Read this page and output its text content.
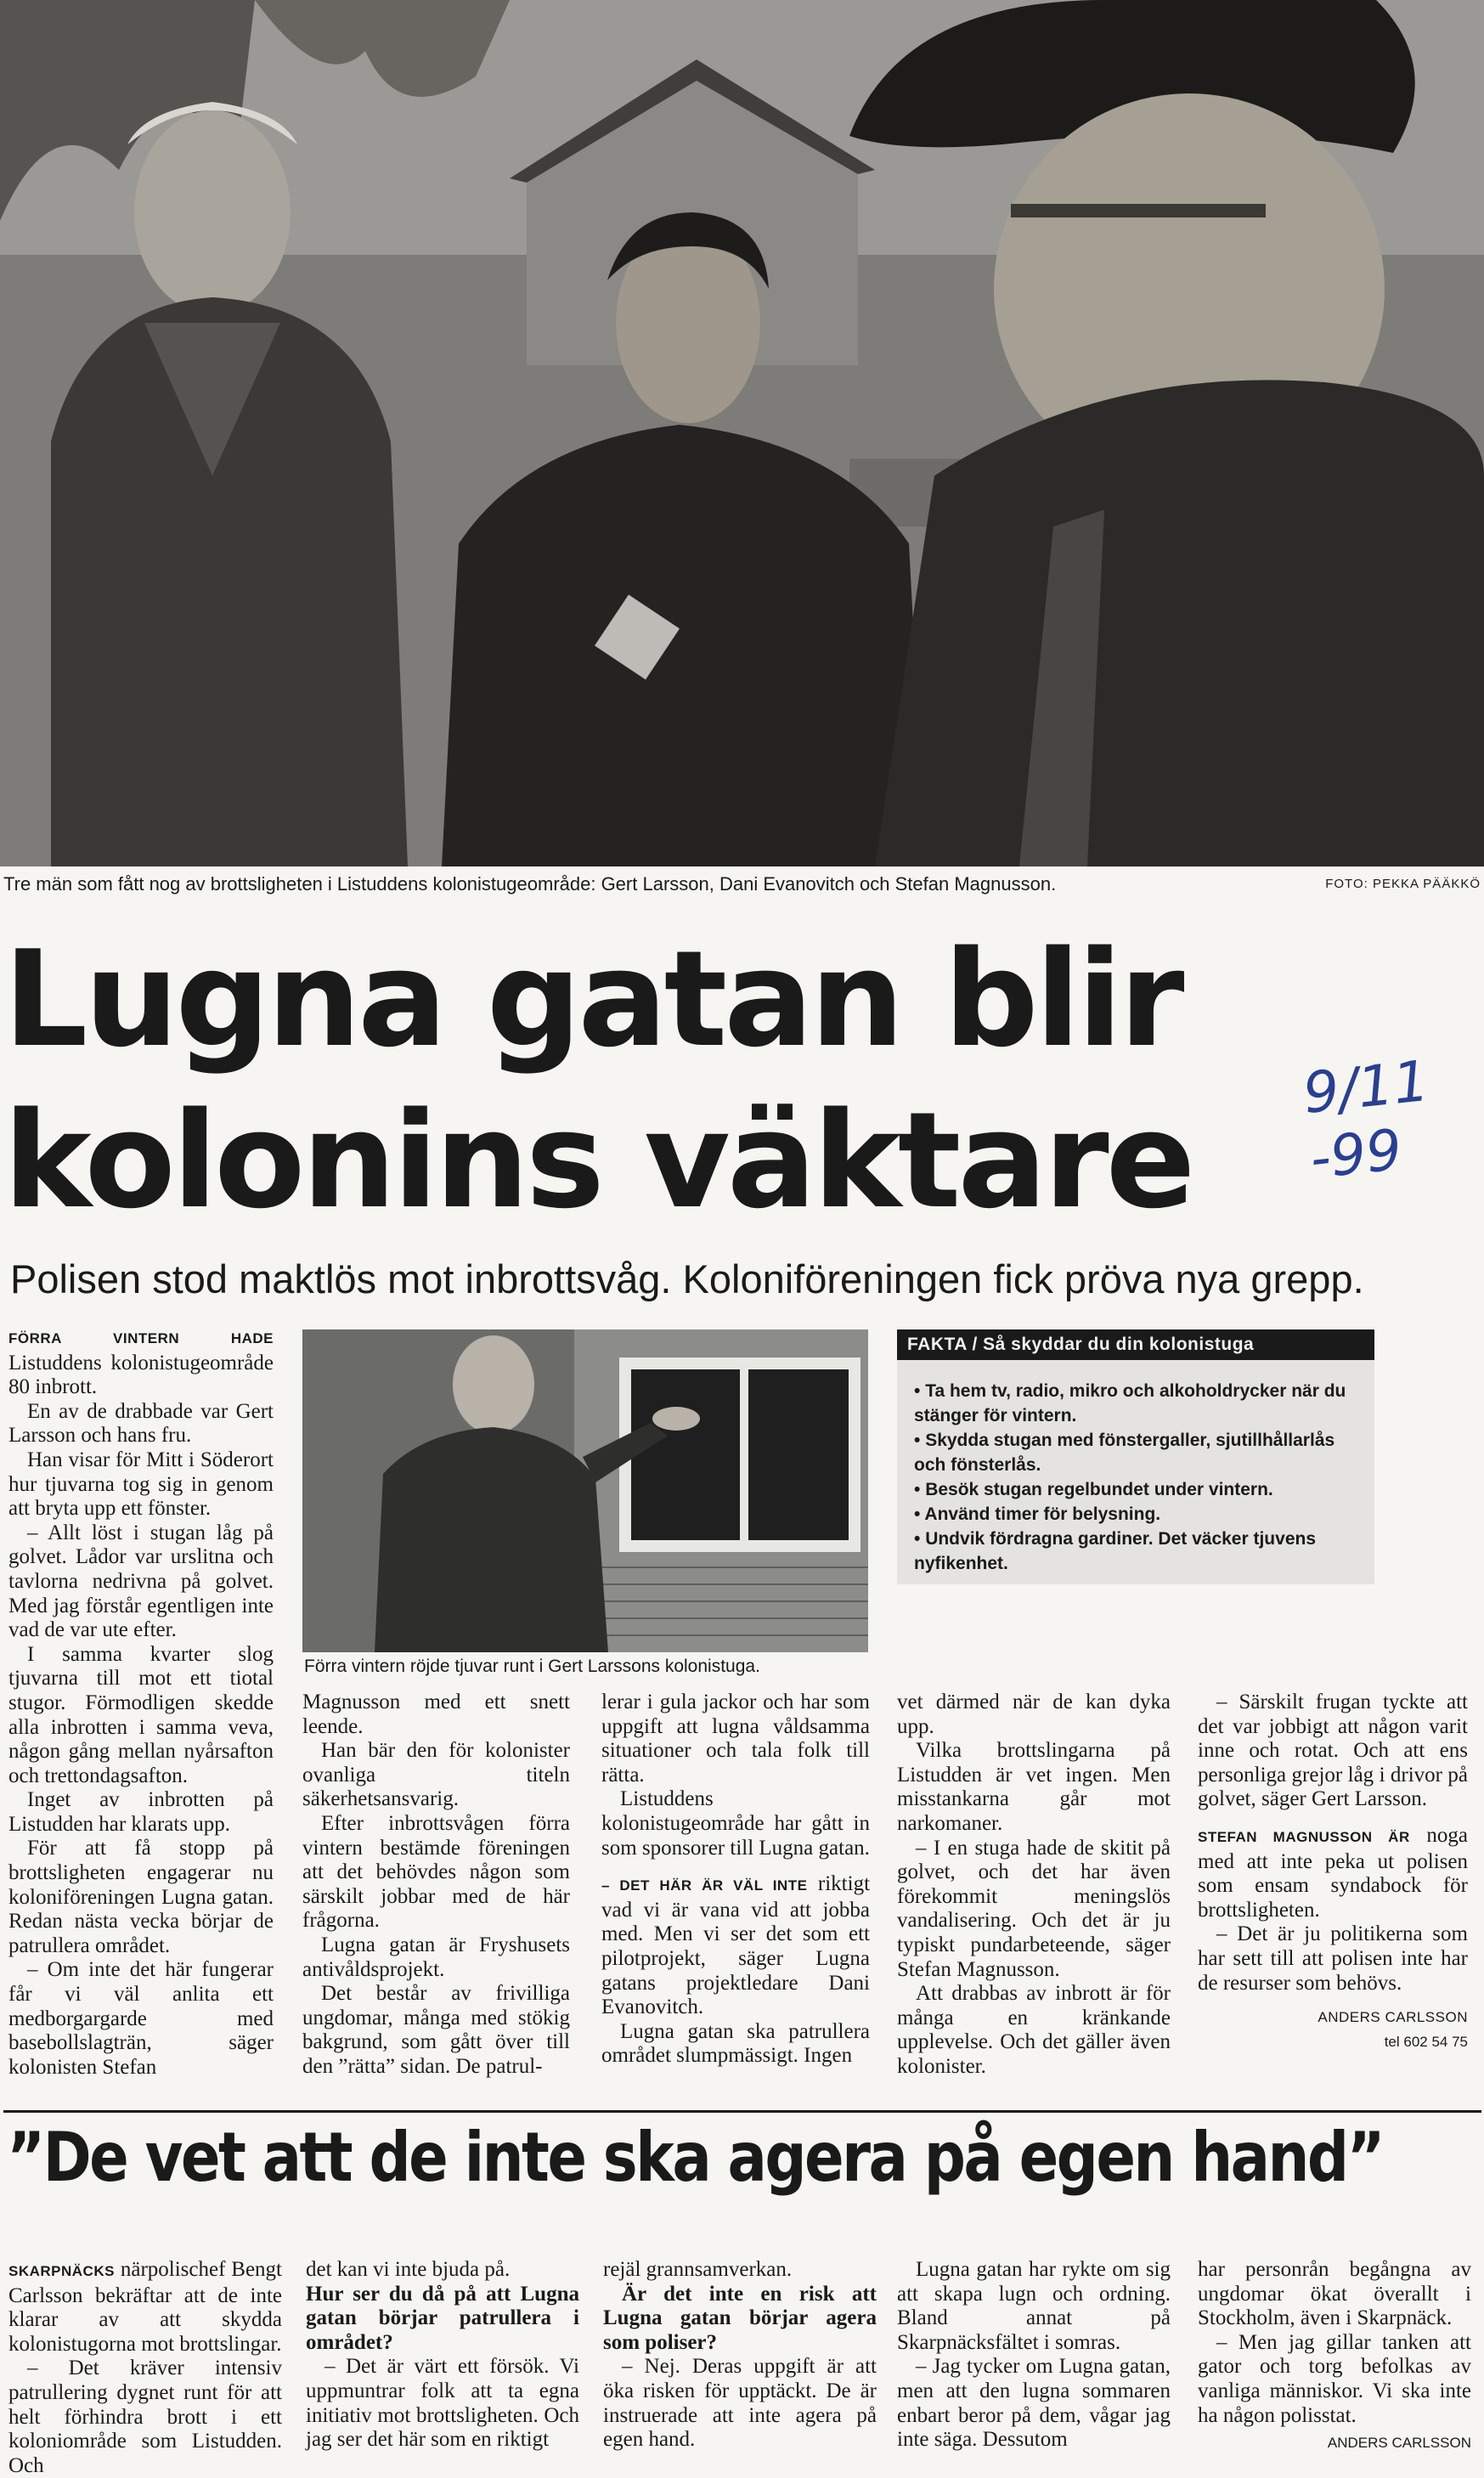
Tre män som fått nog av brottsligheten i Listuddens kolonistugeområde: Gert Larsson, Dani Evanovitch och Stefan Magnusson.	FOTO: PEKKA PÄÄKKÖ
Lugna gatan blir
kolonins väktare	9/11 -99
Polisen stod maktlös mot inbrottsvåg. Koloniföreningen fick pröva nya grepp.

FÖRRA VINTERN HADE Listuddens kolonistugeområde 80 inbrott.

En av de drabbade var Gert Larsson och hans fru.

Han visar för Mitt i Söderort hur tjuvarna tog sig in genom att bryta upp ett fönster.

– Allt löst i stugan låg på golvet. Lådor var urslitna och tavlorna nedrivna på golvet. Med jag förstår egentligen inte vad de var ute efter.

I samma kvarter slog tjuvarna till mot ett tiotal stugor. Förmodligen skedde alla inbrotten i samma veva, någon gång mellan nyårsafton och trettondagsafton.

Inget av inbrotten på Listudden har klarats upp.

För att få stopp på brottsligheten engagerar nu koloniföreningen Lugna gatan. Redan nästa vecka börjar de patrullera området.

– Om inte det här fungerar får vi väl anlita ett medborgargarde med basebollslagträn, säger kolonisten Stefan

Förra vintern röjde tjuvar runt i Gert Larssons kolonistuga.
FAKTA / Så skyddar du din kolonistuga
• Ta hem tv, radio, mikro och alkoholdrycker när du stänger för vintern.
• Skydda stugan med fönstergaller, sjutillhållarlås och fönsterlås.
• Besök stugan regelbundet under vintern.
• Använd timer för belysning.
• Undvik fördragna gardiner. Det väcker tjuvens nyfikenhet.

Magnusson med ett snett leende.

Han bär den för kolonister ovanliga titeln säkerhetsansvarig.

Efter inbrottsvågen förra vintern bestämde föreningen att det behövdes någon som särskilt jobbar med de här frågorna.

Lugna gatan är Fryshusets antivåldsprojekt.

Det består av frivilliga ungdomar, många med stökig bakgrund, som gått över till den ”rätta” sidan. De patrul-

lerar i gula jackor och har som uppgift att lugna våldsamma situationer och tala folk till rätta.

Listuddens kolonistugeområde har gått in som sponsorer till Lugna gatan.

– DET HÄR ÄR VÄL INTE riktigt vad vi är vana vid att jobba med. Men vi ser det som ett pilotprojekt, säger Lugna gatans projektledare Dani Evanovitch.

Lugna gatan ska patrullera området slumpmässigt. Ingen

vet därmed när de kan dyka upp.

Vilka brottslingarna på Listudden är vet ingen. Men misstankarna går mot narkomaner.

– I en stuga hade de skitit på golvet, och det har även förekommit meningslös vandalisering. Och det är ju typiskt pundarbeteende, säger Stefan Magnusson.

Att drabbas av inbrott är för många en kränkande upplevelse. Och det gäller även kolonister.

– Särskilt frugan tyckte att det var jobbigt att någon varit inne och rotat. Och att ens personliga grejor låg i drivor på golvet, säger Gert Larsson.

STEFAN MAGNUSSON ÄR noga med att inte peka ut polisen som ensam syndabock för brottsligheten.

– Det är ju politikerna som har sett till att polisen inte har de resurser som behövs.

ANDERS CARLSSON
tel 602 54 75
”De vet att de inte ska agera på egen hand”

SKARPNÄCKS närpolischef Bengt Carlsson bekräftar att de inte klarar av att skydda kolonistugorna mot brottslingar.

– Det kräver intensiv patrullering dygnet runt för att helt förhindra brott i ett koloniområde som Listudden. Och

det kan vi inte bjuda på.

Hur ser du då på att Lugna gatan börjar patrullera i området?

– Det är värt ett försök. Vi uppmuntrar folk att ta egna initiativ mot brottsligheten. Och jag ser det här som en riktigt

rejäl grannsamverkan.

Är det inte en risk att Lugna gatan börjar agera som poliser?

– Nej. Deras uppgift är att öka risken för upptäckt. De är instruerade att inte agera på egen hand.

Lugna gatan har rykte om sig att skapa lugn och ordning. Bland annat på Skarpnäcksfältet i somras.

– Jag tycker om Lugna gatan, men att den lugna sommaren enbart beror på dem, vågar jag inte säga. Dessutom

har personrån begångna av ungdomar ökat överallt i Stockholm, även i Skarpnäck.

– Men jag gillar tanken att gator och torg befolkas av vanliga människor. Vi ska inte ha någon polisstat.

ANDERS CARLSSON
